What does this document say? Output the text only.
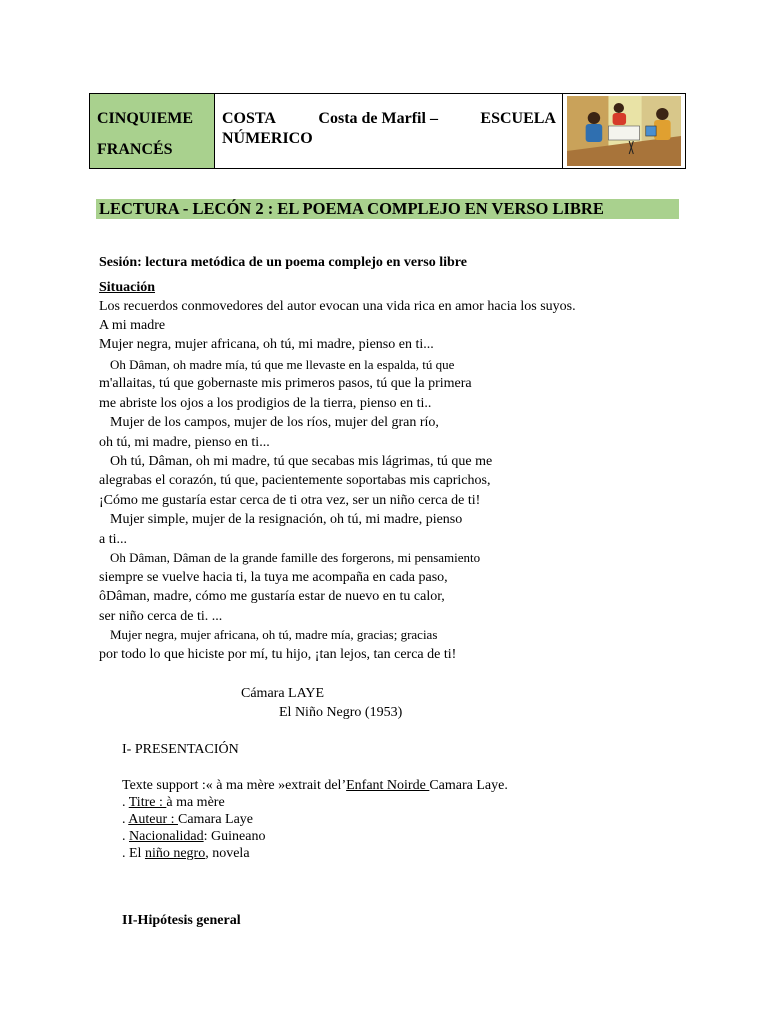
CINQUIEME
FRANCÉS
COSTA	Costa de Marfil –	ESCUELA
NÚMERICO
LECTURA - LECÓN 2 : EL POEMA COMPLEJO EN VERSO LIBRE
Sesión: lectura metódica de un poema complejo en verso libre
Situación
Los recuerdos conmovedores del autor evocan una vida rica en amor hacia los suyos.
A mi madre
Mujer negra, mujer africana, oh tú, mi madre, pienso en ti...
Oh Dâman, oh madre mía, tú que me llevaste en la espalda, tú que
m'allaitas, tú que gobernaste mis primeros pasos, tú que la primera
me abriste los ojos a los prodigios de la tierra, pienso en ti..
Mujer de los campos, mujer de los ríos, mujer del gran río,
oh tú, mi madre, pienso en ti...
Oh tú, Dâman, oh mi madre, tú que secabas mis lágrimas, tú que me
alegrabas el corazón, tú que, pacientemente soportabas mis caprichos,
¡Cómo me gustaría estar cerca de ti otra vez, ser un niño cerca de ti!
Mujer simple, mujer de la resignación, oh tú, mi madre, pienso
a ti...
Oh Dâman, Dâman de la grande famille des forgerons, mi pensamiento
siempre se vuelve hacia ti, la tuya me acompaña en cada paso,
ôDâman, madre, cómo me gustaría estar de nuevo en tu calor,
ser niño cerca de ti. ...
Mujer negra, mujer africana, oh tú, madre mía, gracias; gracias
por todo lo que hiciste por mí, tu hijo, ¡tan lejos, tan cerca de ti!
Cámara LAYE
El Niño Negro (1953)
I- PRESENTACIÓN
Texte support :« à ma mère »extrait del’Enfant Noirde Camara Laye.
. Titre : à ma mère
. Auteur : Camara Laye
. Nacionalidad: Guineano
. El niño negro, novela
II-Hipótesis general
